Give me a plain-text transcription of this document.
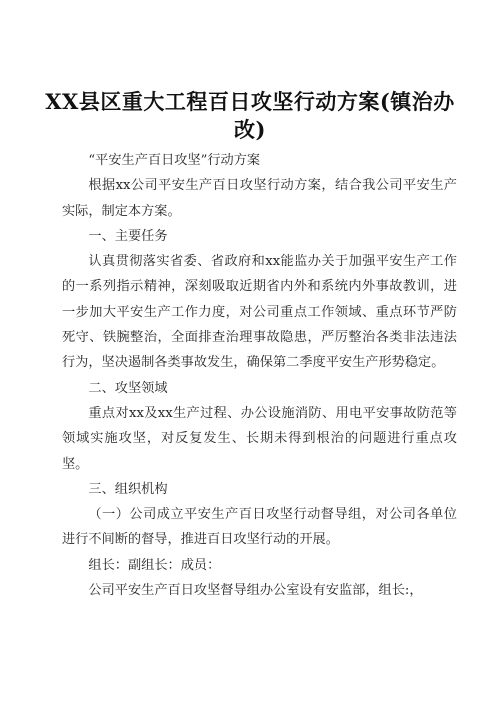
XX县区重大工程百日攻坚行动方案(镇治办改)

“平安生产百日攻坚”行动方案

根据xx公司平安生产百日攻坚行动方案，结合我公司平安生产实际，制定本方案。

一、主要任务

认真贯彻落实省委、省政府和xx能监办关于加强平安生产工作的一系列指示精神，深刻吸取近期省内外和系统内外事故教训，进一步加大平安生产工作力度，对公司重点工作领域、重点环节严防死守、铁腕整治，全面排查治理事故隐患，严厉整治各类非法违法行为，坚决遏制各类事故发生，确保第二季度平安生产形势稳定。

二、攻坚领域

重点对xx及xx生产过程、办公设施消防、用电平安事故防范等领域实施攻坚，对反复发生、长期未得到根治的问题进行重点攻坚。

三、组织机构

（一）公司成立平安生产百日攻坚行动督导组，对公司各单位进行不间断的督导，推进百日攻坚行动的开展。

组长：副组长：成员：

公司平安生产百日攻坚督导组办公室设有安监部，组长:，
